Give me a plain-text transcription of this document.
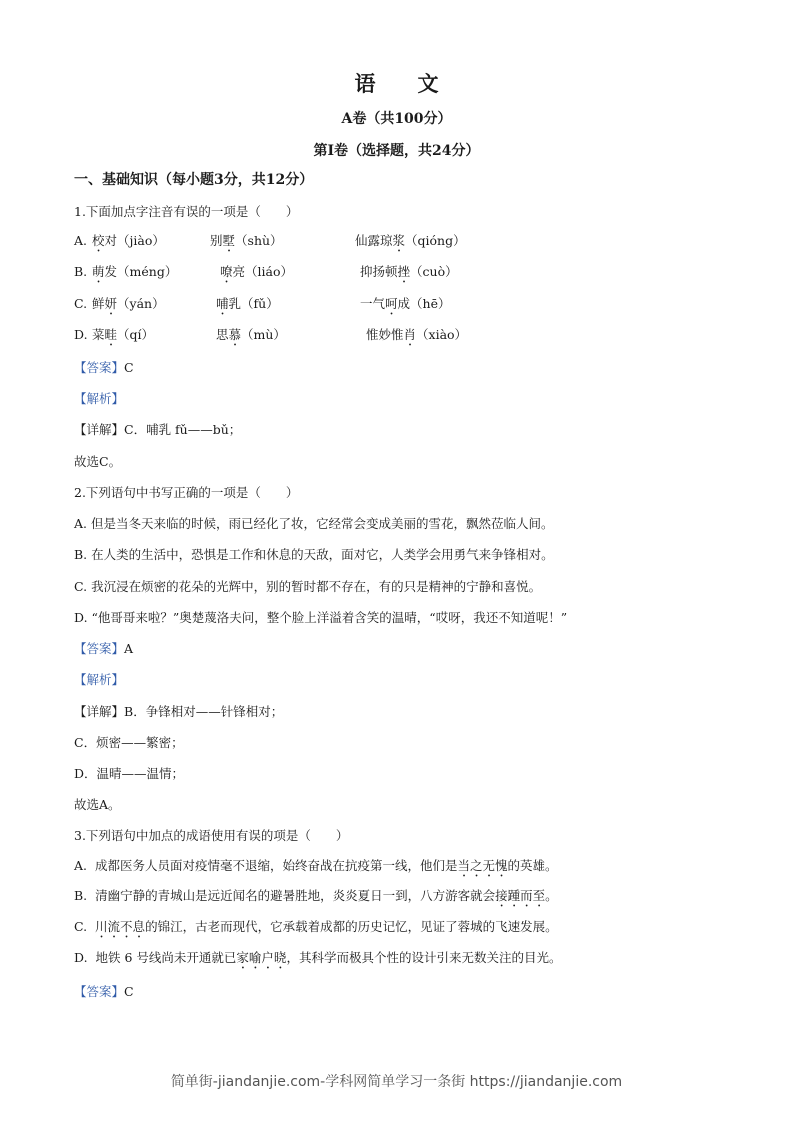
语　　文
A卷（共100分）
第Ⅰ卷（选择题，共24分）
一、基础知识（每小题3分，共12分）
1.下面加点字注音有误的一项是（　　）
A. 校对（jiào）	别墅（shù）	仙露琼浆（qióng）
B. 萌发（méng）	嘹亮（liáo）	抑扬顿挫（cuò）
C. 鲜妍（yán）	哺乳（fǔ）	一气呵成（hē）
D. 菜畦（qí）	思慕（mù）	惟妙惟肖（xiào）
【答案】C
【解析】
【详解】C．哺乳 fǔ——bǔ；
故选C。
2.下列语句中书写正确的一项是（　　）
A. 但是当冬天来临的时候，雨已经化了妆，它经常会变成美丽的雪花，飘然莅临人间。
B. 在人类的生活中，恐惧是工作和休息的天敌，面对它，人类学会用勇气来争锋相对。
C. 我沉浸在烦密的花朵的光辉中，别的暂时都不存在，有的只是精神的宁静和喜悦。
D. “他哥哥来啦？”奥楚蔑洛夫问，整个脸上洋溢着含笑的温晴，“哎呀，我还不知道呢！”
【答案】A
【解析】
【详解】B．争锋相对——针锋相对；
C．烦密——繁密；
D．温晴——温情；
故选A。
3.下列语句中加点的成语使用有误的项是（　　）
A. 成都医务人员面对疫情毫不退缩，始终奋战在抗疫第一线，他们是当之无愧的英雄。
B. 清幽宁静的青城山是远近闻名的避暑胜地，炎炎夏日一到，八方游客就会接踵而至。
C. 川流不息的锦江，古老而现代，它承载着成都的历史记忆，见证了蓉城的飞速发展。
D. 地铁 6 号线尚未开通就已家喻户晓，其科学而极具个性的设计引来无数关注的目光。
【答案】C
简单街-jiandanjie.com-学科网简单学习一条街 https://jiandanjie.com
